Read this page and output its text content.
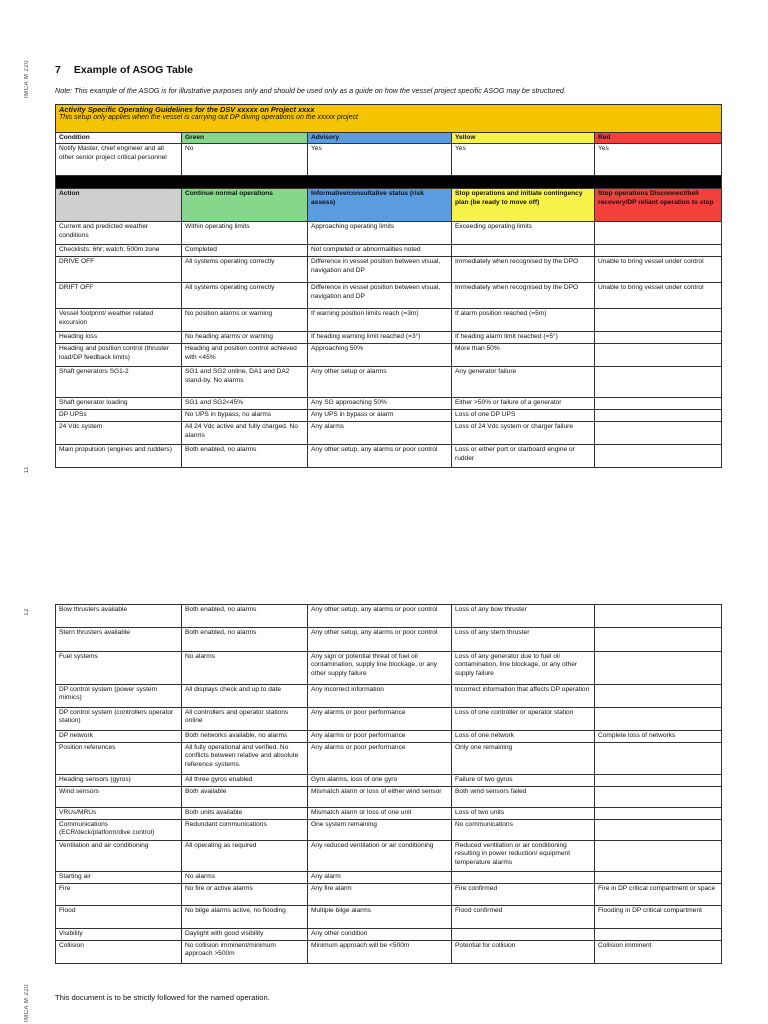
IMCA M 220
11
12
IMCA M 220
7 Example of ASOG Table
Note: This example of the ASOG is for illustrative purposes only and should be used only as a guide on how the vessel project specific ASOG may be structured.
Activity Specific Operating Guidelines for the DSV xxxxx on Project xxxx
This setup only applies when the vessel is carrying out DP diving operations on the xxxxx project				

Condition	Green	Advisory	Yellow	Red
Notify Master, chief engineer and all other senior project critical personnel	No	Yes	Yes	Yes

Action	Continue normal operations	Informative/consultative status (risk assess)	Stop operations and initiate contingency plan (be ready to move off)	Stop operations Disconnect/bell recovery/DP reliant operation to stop
Current and predicted weather conditions	Within operating limits	Approaching operating limits	Exceeding operating limits	
Checklists: 6hr; watch; 500m zone	Completed	Not completed or abnormalities noted		
DRIVE OFF	All systems operating correctly	Difference in vessel position between visual, navigation and DP	Immediately when recognised by the DPO	Unable to bring vessel under control
DRIFT OFF	All systems operating correctly	Difference in vessel position between visual, navigation and DP	Immediately when recognised by the DPO	Unable to bring vessel under control
Vessel footprint/ weather related excursion	No position alarms or warning	If warning position limits reach (=3m)	If alarm position reached (=5m)	
Heading loss	No heading alarms or warning	If heading warning limit reached (=3°)	If heading alarm limit reached (=5°)	
Heading and position control (thruster load/DP feedback limits)	Heading and position control achieved with <45%	Approaching 50%	More than 50%	
Shaft generators SG1-2	SG1 and SG2 online, DA1 and DA2 stand-by. No alarms	Any other setup or alarms	Any generator failure	
Shaft generator loading	SG1 and SG2<45%	Any SG approaching 50%	Either >50% or failure of a generator	
DP UPSs	No UPS in bypass, no alarms	Any UPS in bypass or alarm	Loss of one DP UPS	
24 Vdc system	All 24 Vdc active and fully charged. No alarms	Any alarms	Loss of 24 Vdc system or charger failure	
Main propulsion (engines and rudders)	Both enabled, no alarms	Any other setup, any alarms or poor control	Loss or either port or starboard engine or rudder	
Bow thrusters available	Both enabled, no alarms	Any other setup, any alarms or poor control	Loss of any bow thruster	
Stern thrusters available	Both enabled, no alarms	Any other setup, any alarms or poor control	Loss of any stern thruster	
Fuel systems	No alarms	Any sign or potential threat of fuel oil contamination, supply line blockage, or any other supply failure	Loss of any generator due to fuel oil contamination, line blockage, or any other supply failure	
DP control system (power system mimics)	All displays check and up to date	Any incorrect information	Incorrect information that affects DP operation	
DP control system (controllers operator station)	All controllers and operator stations online	Any alarms or poor performance	Loss of one controller or operator station	
DP network	Both networks available, no alarms	Any alarms or poor performance	Loss of one network	Complete loss of networks
Position references	All fully operational and verified. No conflicts between relative and absolute reference systems.	Any alarms or poor performance	Only one remaining	
Heading sensors (gyros)	All three gyros enabled	Gyro alarms, loss of one gyro	Failure of two gyros	
Wind sensors	Both available	Mismatch alarm or loss of either wind sensor	Both wind sensors failed	
VRUs/MRUs	Both units available	Mismatch alarm or loss of one unit	Loss of two units	
Communications (ECR/deck/platform/dive control)	Redundant communications	One system remaining	No communications	
Ventilation and air conditioning	All operating as required	Any reduced ventilation or air conditioning	Reduced ventilation or air conditioning resulting in power reduction/ equipment temperature alarms	
Starting air	No alarms	Any alarm		
Fire	No fire or active alarms	Any fire alarm	Fire confirmed	Fire in DP critical compartment or space
Flood	No bilge alarms active, no flooding	Multiple bilge alarms	Flood confirmed	Flooding in DP critical compartment
Visibility	Daylight with good visibility	Any other condition		
Collision	No collision imminent/minimum approach >500m	Minimum approach will be <500m	Potential for collision	Collision imminent
This document is to be strictly followed for the named operation.
